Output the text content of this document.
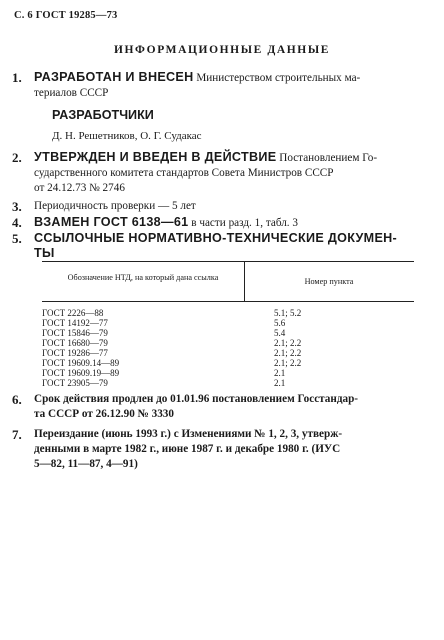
С. 6 ГОСТ 19285—73
ИНФОРМАЦИОННЫЕ ДАННЫЕ
1. РАЗРАБОТАН И ВНЕСЕН Министерством строительных ма-
териалов СССР
РАЗРАБОТЧИКИ
Д. Н. Решетников, О. Г. Судакас
2. УТВЕРЖДЕН И ВВЕДЕН В ДЕЙСТВИЕ Постановлением Го-
сударственного комитета стандартов Совета Министров СССР
от 24.12.73 № 2746
3. Периодичность проверки — 5 лет
4. ВЗАМЕН ГОСТ 6138—61 в части разд. 1, табл. 3
5. ССЫЛОЧНЫЕ НОРМАТИВНО-ТЕХНИЧЕСКИЕ ДОКУМЕН-
ТЫ
Обозначение НТД, на который дана ссылка	Номер пункта
ГОСТ 2226—88	5.1; 5.2
ГОСТ 14192—77	5.6
ГОСТ 15846—79	5.4
ГОСТ 16680—79	2.1; 2.2
ГОСТ 19286—77	2.1; 2.2
ГОСТ 19609.14—89	2.1; 2.2
ГОСТ 19609.19—89	2.1
ГОСТ 23905—79	2.1
6. Срок действия продлен до 01.01.96 постановлением Госстандар-
та СССР от 26.12.90 № 3330
7. Переиздание (июнь 1993 г.) с Изменениями № 1, 2, 3, утверж-
денными в марте 1982 г., июне 1987 г. и декабре 1980 г. (ИУС
5—82, 11—87, 4—91)
